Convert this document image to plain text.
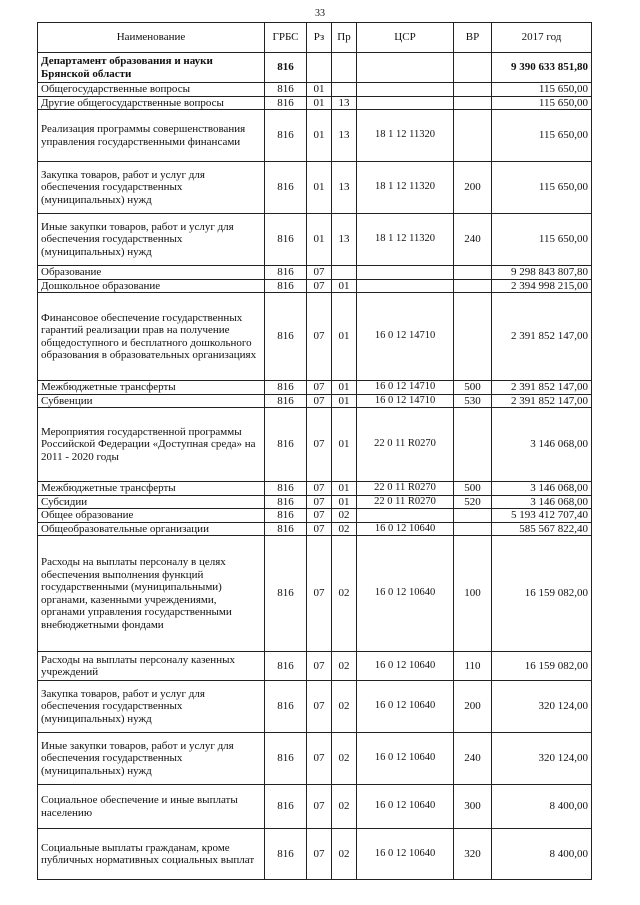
33
Наименование	ГРБС	Рз	Пр	ЦСР	ВР	2017 год
Департамент образования и науки Брянской области	816					9 390 633 851,80
Общегосударственные вопросы	816	01				115 650,00
Другие общегосударственные вопросы	816	01	13			115 650,00
Реализация программы совершенствования управления государственными финансами	816	01	13	18 1 12 11320		115 650,00
Закупка товаров, работ и услуг для обеспечения государственных (муниципальных) нужд	816	01	13	18 1 12 11320	200	115 650,00
Иные закупки товаров, работ и услуг для обеспечения государственных (муниципальных) нужд	816	01	13	18 1 12 11320	240	115 650,00
Образование	816	07				9 298 843 807,80
Дошкольное образование	816	07	01			2 394 998 215,00
Финансовое обеспечение государственных гарантий реализации прав на получение общедоступного и бесплатного дошкольного образования в образовательных организациях	816	07	01	16 0 12 14710		2 391 852 147,00
Межбюджетные трансферты	816	07	01	16 0 12 14710	500	2 391 852 147,00
Субвенции	816	07	01	16 0 12 14710	530	2 391 852 147,00
Мероприятия государственной программы Российской Федерации «Доступная среда» на 2011 - 2020 годы	816	07	01	22 0 11 R0270		3 146 068,00
Межбюджетные трансферты	816	07	01	22 0 11 R0270	500	3 146 068,00
Субсидии	816	07	01	22 0 11 R0270	520	3 146 068,00
Общее образование	816	07	02			5 193 412 707,40
Общеобразовательные организации	816	07	02	16 0 12 10640		585 567 822,40
Расходы на выплаты персоналу в целях обеспечения выполнения функций государственными (муниципальными) органами, казенными учреждениями, органами управления государственными внебюджетными фондами	816	07	02	16 0 12 10640	100	16 159 082,00
Расходы на выплаты персоналу казенных учреждений	816	07	02	16 0 12 10640	110	16 159 082,00
Закупка товаров, работ и услуг для обеспечения государственных (муниципальных) нужд	816	07	02	16 0 12 10640	200	320 124,00
Иные закупки товаров, работ и услуг для обеспечения государственных (муниципальных) нужд	816	07	02	16 0 12 10640	240	320 124,00
Социальное обеспечение и иные выплаты населению	816	07	02	16 0 12 10640	300	8 400,00
Социальные выплаты гражданам, кроме публичных нормативных социальных выплат	816	07	02	16 0 12 10640	320	8 400,00
